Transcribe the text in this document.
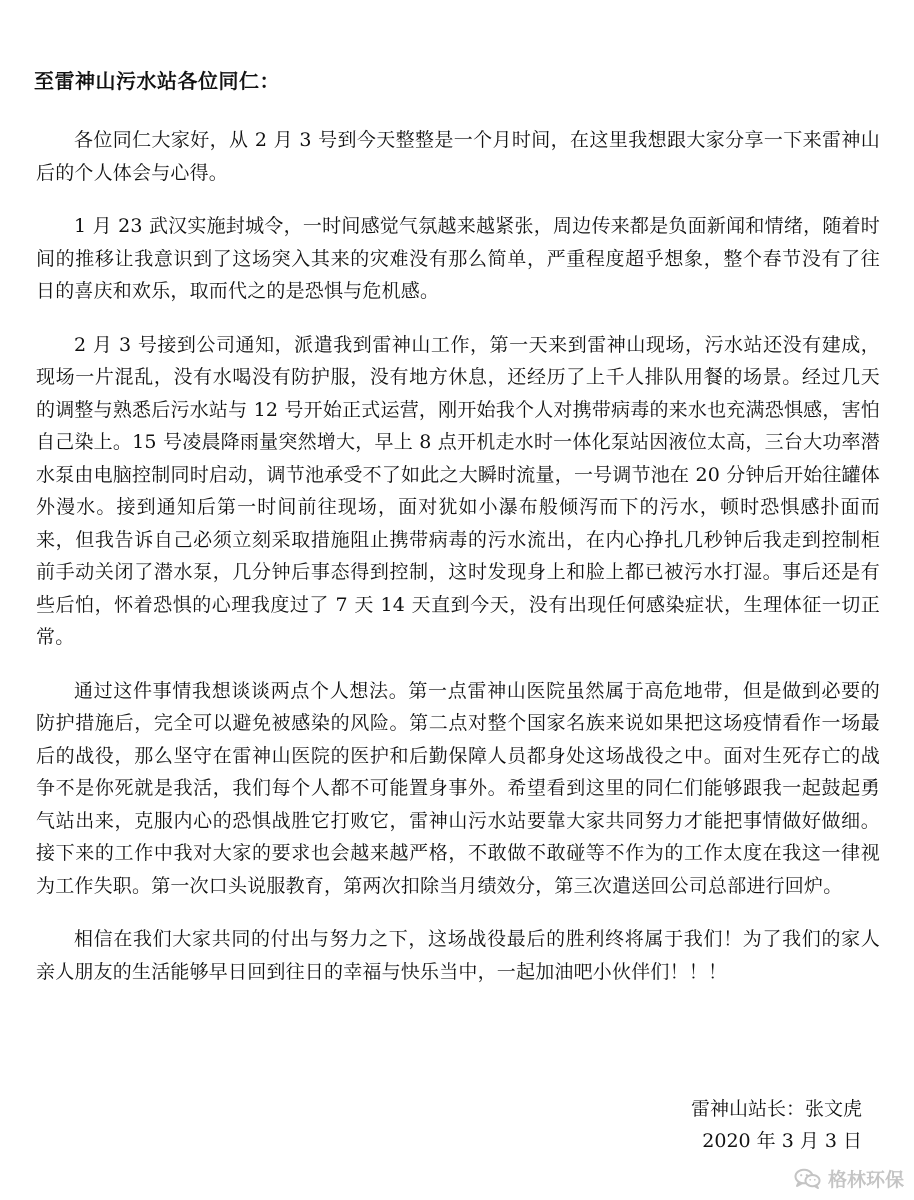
至雷神山污水站各位同仁：

各位同仁大家好，从 2 月 3 号到今天整整是一个月时间，在这里我想跟大家分享一下来雷神山后的个人体会与心得。

1 月 23 武汉实施封城令，一时间感觉气氛越来越紧张，周边传来都是负面新闻和情绪，随着时间的推移让我意识到了这场突入其来的灾难没有那么简单，严重程度超乎想象，整个春节没有了往日的喜庆和欢乐，取而代之的是恐惧与危机感。

2 月 3 号接到公司通知，派遣我到雷神山工作，第一天来到雷神山现场，污水站还没有建成，现场一片混乱，没有水喝没有防护服，没有地方休息，还经历了上千人排队用餐的场景。经过几天的调整与熟悉后污水站与 12 号开始正式运营，刚开始我个人对携带病毒的来水也充满恐惧感，害怕自己染上。15 号凌晨降雨量突然增大，早上 8 点开机走水时一体化泵站因液位太高，三台大功率潜水泵由电脑控制同时启动，调节池承受不了如此之大瞬时流量，一号调节池在 20 分钟后开始往罐体外漫水。接到通知后第一时间前往现场，面对犹如小瀑布般倾泻而下的污水，顿时恐惧感扑面而来，但我告诉自己必须立刻采取措施阻止携带病毒的污水流出，在内心挣扎几秒钟后我走到控制柜前手动关闭了潜水泵，几分钟后事态得到控制，这时发现身上和脸上都已被污水打湿。事后还是有些后怕，怀着恐惧的心理我度过了 7 天 14 天直到今天，没有出现任何感染症状，生理体征一切正常。

通过这件事情我想谈谈两点个人想法。第一点雷神山医院虽然属于高危地带，但是做到必要的防护措施后，完全可以避免被感染的风险。第二点对整个国家名族来说如果把这场疫情看作一场最后的战役，那么坚守在雷神山医院的医护和后勤保障人员都身处这场战役之中。面对生死存亡的战争不是你死就是我活，我们每个人都不可能置身事外。希望看到这里的同仁们能够跟我一起鼓起勇气站出来，克服内心的恐惧战胜它打败它，雷神山污水站要靠大家共同努力才能把事情做好做细。接下来的工作中我对大家的要求也会越来越严格，不敢做不敢碰等不作为的工作太度在我这一律视为工作失职。第一次口头说服教育，第两次扣除当月绩效分，第三次遣送回公司总部进行回炉。

相信在我们大家共同的付出与努力之下，这场战役最后的胜利终将属于我们！为了我们的家人亲人朋友的生活能够早日回到往日的幸福与快乐当中，一起加油吧小伙伴们！！！

雷神山站长：张文虎
2020 年 3 月 3 日
格林环保
